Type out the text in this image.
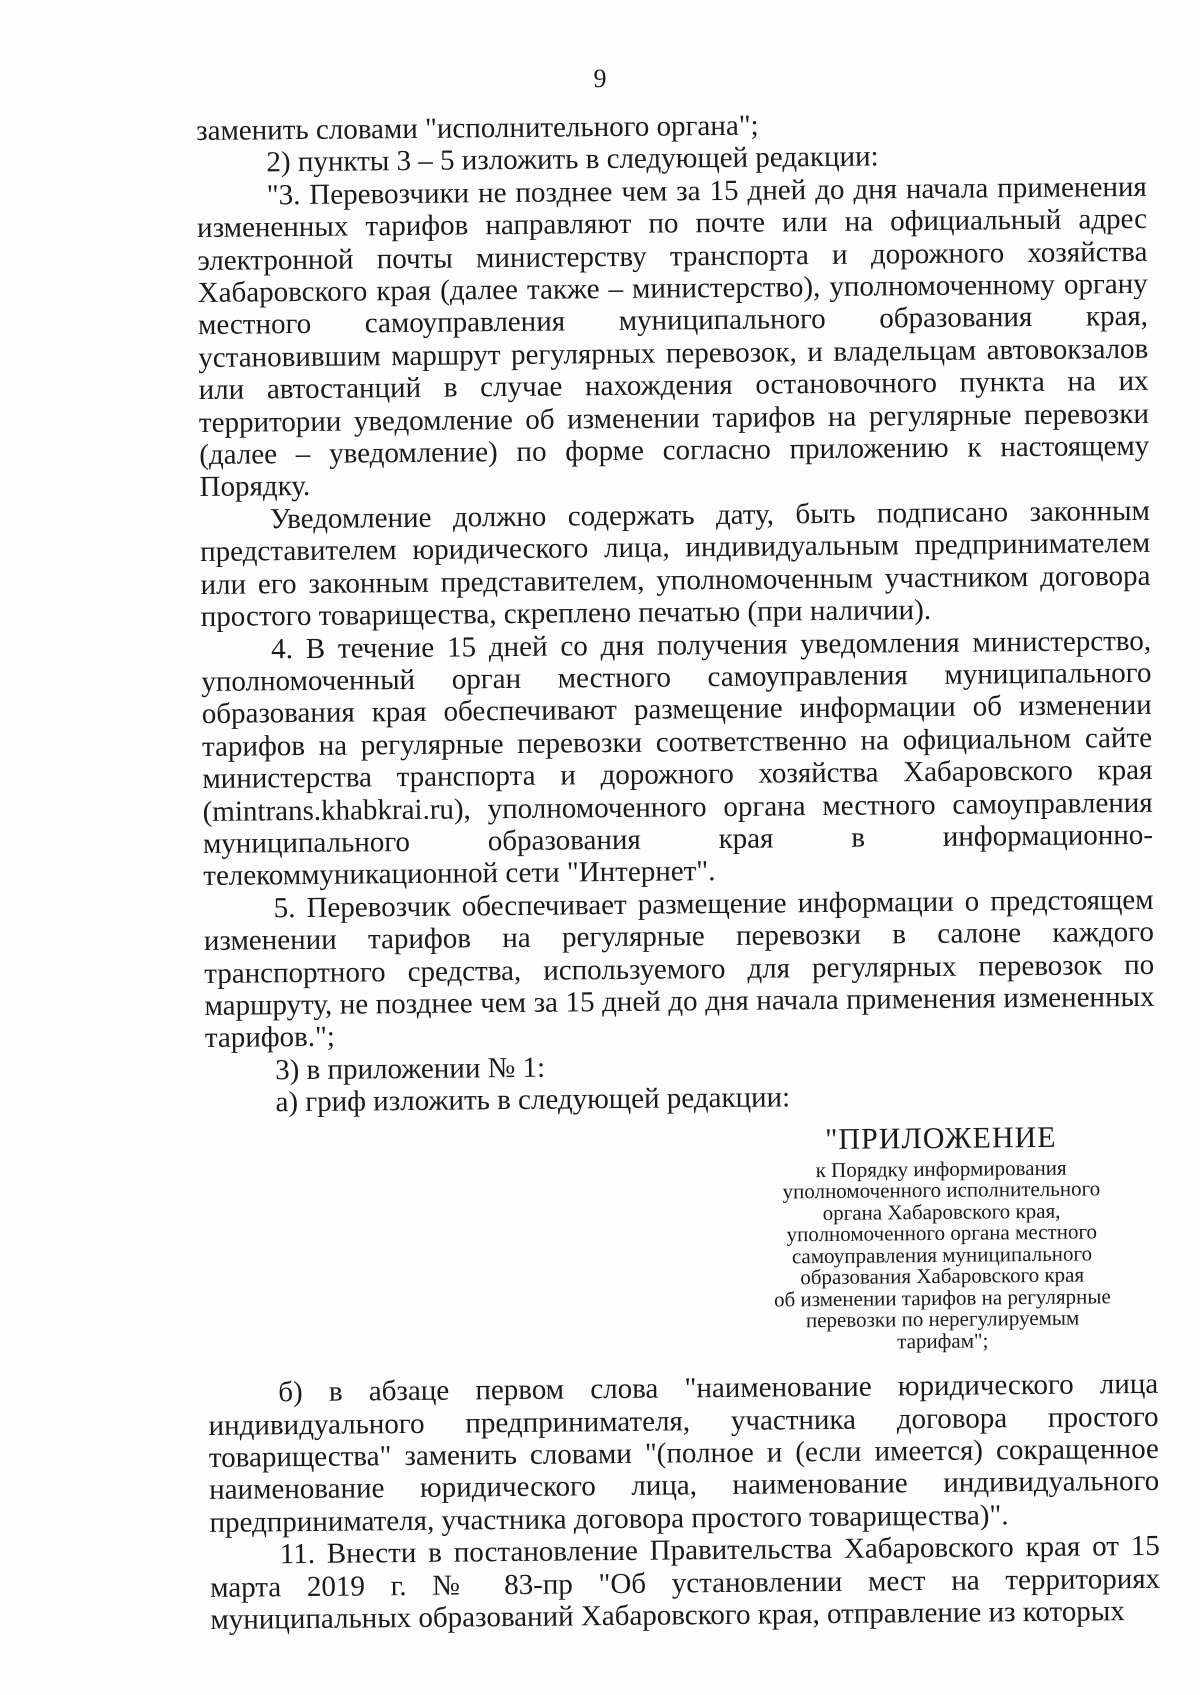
9

заменить словами "исполнительного органа";

2) пункты 3 – 5 изложить в следующей редакции:

"3. Перевозчики не позднее чем за 15 дней до дня начала применения измененных тарифов направляют по почте или на официальный адрес электронной почты министерству транспорта и дорожного хозяйства Хабаровского края (далее также – министерство), уполномоченному органу местного самоуправления муниципального образования края, установившим маршрут регулярных перевозок, и владельцам автовокзалов или автостанций в случае нахождения остановочного пункта на их территории уведомление об изменении тарифов на регулярные перевозки (далее – уведомление) по форме согласно приложению к настоящему Порядку.

Уведомление должно содержать дату, быть подписано законным представителем юридического лица, индивидуальным предпринимателем или его законным представителем, уполномоченным участником договора простого товарищества, скреплено печатью (при наличии).

4. В течение 15 дней со дня получения уведомления министерство, уполномоченный орган местного самоуправления муниципального образования края обеспечивают размещение информации об изменении тарифов на регулярные перевозки соответственно на официальном сайте министерства транспорта и дорожного хозяйства Хабаровского края (mintrans.khabkrai.ru), уполномоченного органа местного самоуправления муниципального образования края в информационно-телекоммуникационной сети "Интернет".

5. Перевозчик обеспечивает размещение информации о предстоящем изменении тарифов на регулярные перевозки в салоне каждого транспортного средства, используемого для регулярных перевозок по маршруту, не позднее чем за 15 дней до дня начала применения измененных тарифов.";

3) в приложении № 1:

а) гриф изложить в следующей редакции:

"ПРИЛОЖЕНИЕ
к Порядку информирования
уполномоченного исполнительного
органа Хабаровского края,
уполномоченного органа местного
самоуправления муниципального
образования Хабаровского края
об изменении тарифов на регулярные
перевозки по нерегулируемым
тарифам";

б) в абзаце первом слова "наименование юридического лица индивидуального предпринимателя, участника договора простого товарищества" заменить словами "(полное и (если имеется) сокращенное наименование юридического лица, наименование индивидуального предпринимателя, участника договора простого товарищества)".

11. Внести в постановление Правительства Хабаровского края от 15 марта 2019 г. № 83-пр "Об установлении мест на территориях муниципальных образований Хабаровского края, отправление из которых
